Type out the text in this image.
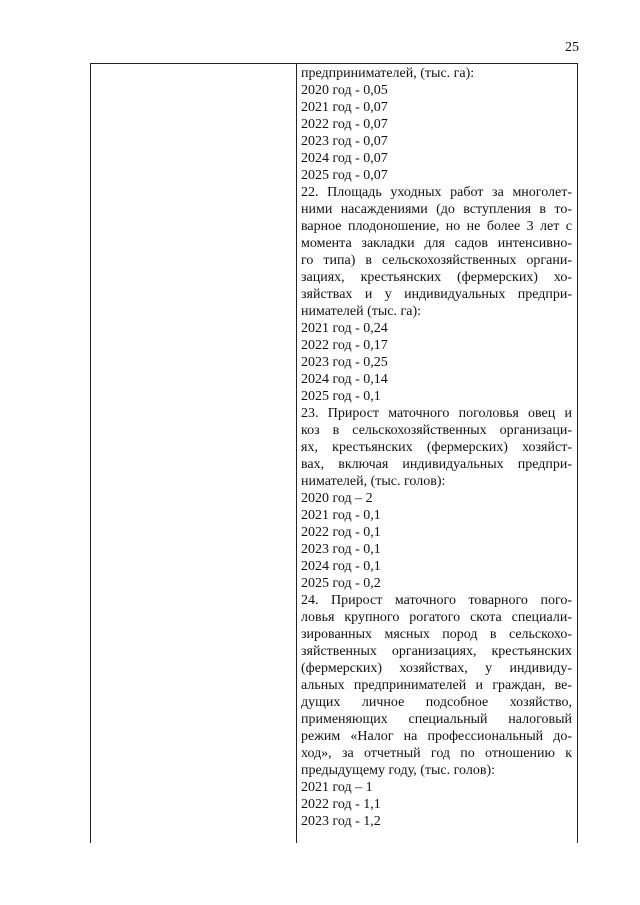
25
предпринимателей, (тыс. га):
2020 год - 0,05
2021 год - 0,07
2022 год - 0,07
2023 год - 0,07
2024 год - 0,07
2025 год - 0,07
22. Площадь уходных работ за многолет-
ними насаждениями (до вступления в то-
варное плодоношение, но не более 3 лет с
момента закладки для садов интенсивно-
го типа) в сельскохозяйственных органи-
зациях, крестьянских (фермерских) хо-
зяйствах и у индивидуальных предпри-
нимателей (тыс. га):
2021 год - 0,24
2022 год - 0,17
2023 год - 0,25
2024 год - 0,14
2025 год - 0,1
23. Прирост маточного поголовья овец и
коз в сельскохозяйственных организаци-
ях, крестьянских (фермерских) хозяйст-
вах, включая индивидуальных предпри-
нимателей, (тыс. голов):
2020 год – 2
2021 год - 0,1
2022 год - 0,1
2023 год - 0,1
2024 год - 0,1
2025 год - 0,2
24. Прирост маточного товарного пого-
ловья крупного рогатого скота специали-
зированных мясных пород в сельскохо-
зяйственных организациях, крестьянских
(фермерских) хозяйствах, у индивиду-
альных предпринимателей и граждан, ве-
дущих личное подсобное хозяйство,
применяющих специальный налоговый
режим «Налог на профессиональный до-
ход», за отчетный год по отношению к
предыдущему году, (тыс. голов):
2021 год – 1
2022 год - 1,1
2023 год - 1,2
